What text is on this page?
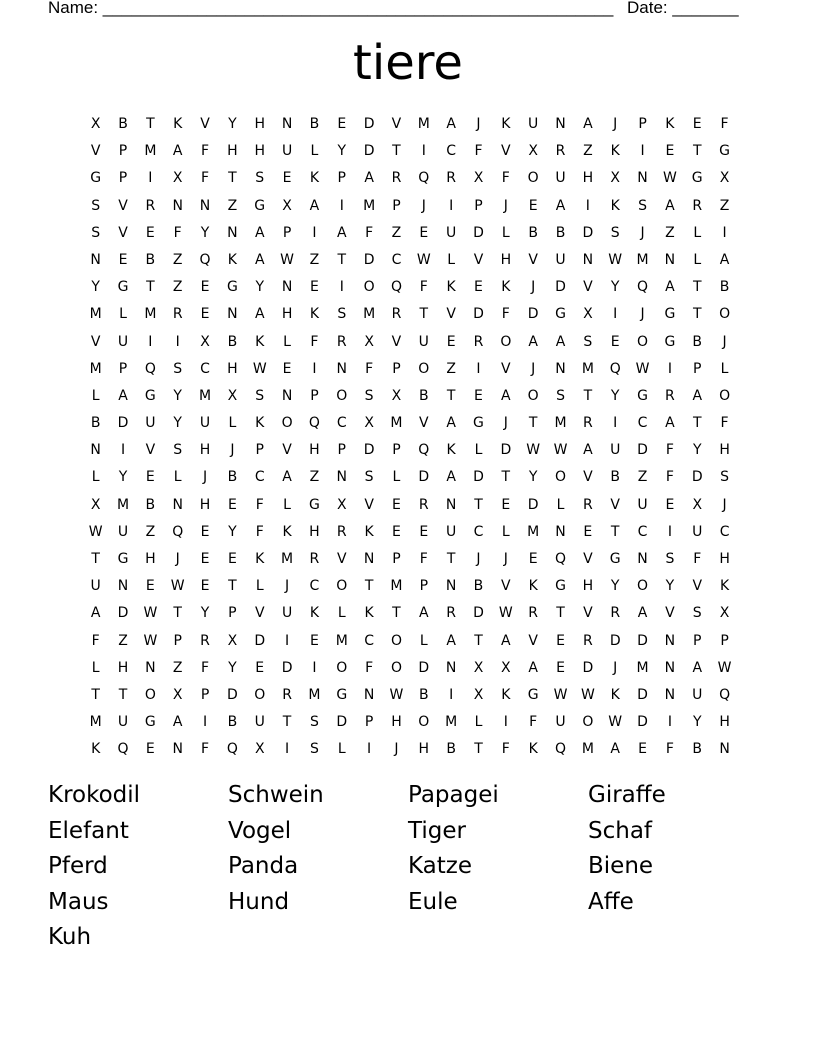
Name: ______________________________________________________ Date: _______
tiere
X	B	T	K	V	Y	H	N	B	E	D	V	M	A	J	K	U	N	A	J	P	K	E	F
V	P	M	A	F	H	H	U	L	Y	D	T	I	C	F	V	X	R	Z	K	I	E	T	G
G	P	I	X	F	T	S	E	K	P	A	R	Q	R	X	F	O	U	H	X	N	W	G	X
S	V	R	N	N	Z	G	X	A	I	M	P	J	I	P	J	E	A	I	K	S	A	R	Z
S	V	E	F	Y	N	A	P	I	A	F	Z	E	U	D	L	B	B	D	S	J	Z	L	I
N	E	B	Z	Q	K	A	W	Z	T	D	C	W	L	V	H	V	U	N	W	M	N	L	A
Y	G	T	Z	E	G	Y	N	E	I	O	Q	F	K	E	K	J	D	V	Y	Q	A	T	B
M	L	M	R	E	N	A	H	K	S	M	R	T	V	D	F	D	G	X	I	J	G	T	O
V	U	I	I	X	B	K	L	F	R	X	V	U	E	R	O	A	A	S	E	O	G	B	J
M	P	Q	S	C	H	W	E	I	N	F	P	O	Z	I	V	J	N	M	Q	W	I	P	L
L	A	G	Y	M	X	S	N	P	O	S	X	B	T	E	A	O	S	T	Y	G	R	A	O
B	D	U	Y	U	L	K	O	Q	C	X	M	V	A	G	J	T	M	R	I	C	A	T	F
N	I	V	S	H	J	P	V	H	P	D	P	Q	K	L	D	W W	A	U	D	F	Y	H
L	Y	E	L	J	B	C	A	Z	N	S	L	D	A	D	T	Y	O	V	B	Z	F	D	S
X	M	B	N	H	E	F	L	G	X	V	E	R	N	T	E	D	L	R	V	U	E	X	J
W	U	Z	Q	E	Y	F	K	H	R	K	E	E	U	C	L	M	N	E	T	C	I	U	C
T	G	H	J	E	E	K	M	R	V	N	P	F	T	J	J	E	Q	V	G	N	S	F	H
U	N	E	W	E	T	L	J	C	O	T	M	P	N	B	V	K	G	H	Y	O	Y	V	K
A	D	W	T	Y	P	V	U	K	L	K	T	A	R	D	W	R	T	V	R	A	V	S	X
F	Z	W	P	R	X	D	I	E	M	C	O	L	A	T	A	V	E	R	D	D	N	P	P
L	H	N	Z	F	Y	E	D	I	O	F	O	D	N	X	X	A	E	D	J	M	N	A	W
T	T	O	X	P	D	O	R	M	G	N	W	B	I	X	K	G	W W	K	D	N	U	Q
M	U	G	A	I	B	U	T	S	D	P	H	O	M	L	I	F	U	O	W	D	I	Y	H
K	Q	E	N	F	Q	X	I	S	L	I	J	H	B	T	F	K	Q	M	A	E	F	B	N
Krokodil	Schwein	Papagei	Giraffe
Elefant	Vogel	Tiger	Schaf
Pferd	Panda	Katze	Biene
Maus	Hund	Eule	Affe
Kuh
